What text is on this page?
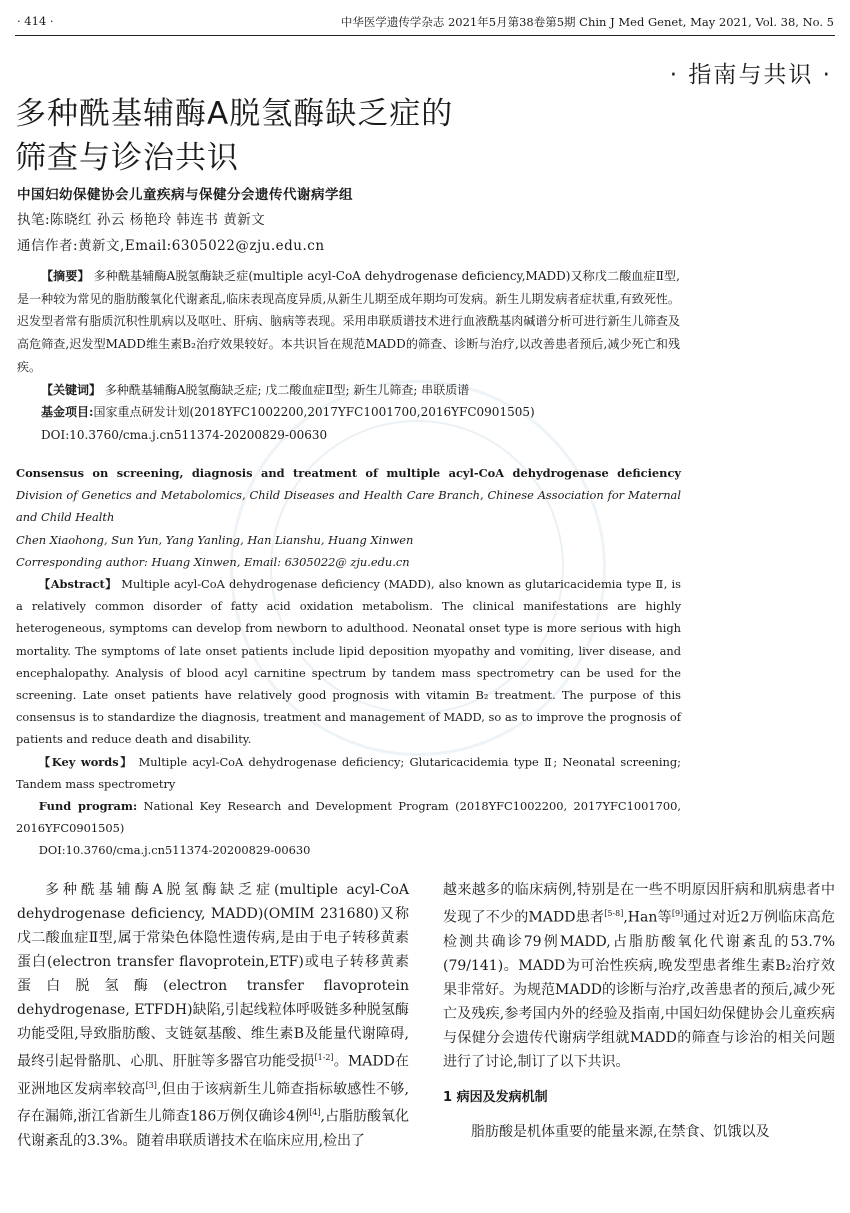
· 414 ·	中华医学遗传学杂志 2021年5月第38卷第5期 Chin J Med Genet, May 2021, Vol. 38, No. 5
· 指南与共识 ·
多种酰基辅酶A脱氢酶缺乏症的
筛查与诊治共识
中国妇幼保健协会儿童疾病与保健分会遗传代谢病学组
执笔:陈晓红 孙云 杨艳玲 韩连书 黄新文
通信作者:黄新文,Email:6305022@zju.edu.cn
【摘要】 多种酰基辅酶A脱氢酶缺乏症(multiple acyl-CoA dehydrogenase deficiency,MADD)又称戊二酸血症Ⅱ型,是一种较为常见的脂肪酸氧化代谢紊乱,临床表现高度异质,从新生儿期至成年期均可发病。新生儿期发病者症状重,有致死性。迟发型者常有脂质沉积性肌病以及呕吐、肝病、脑病等表现。采用串联质谱技术进行血液酰基肉碱谱分析可进行新生儿筛查及高危筛查,迟发型MADD维生素B₂治疗效果较好。本共识旨在规范MADD的筛查、诊断与治疗,以改善患者预后,减少死亡和残疾。
【关键词】 多种酰基辅酶A脱氢酶缺乏症; 戊二酸血症Ⅱ型; 新生儿筛查; 串联质谱
基金项目:国家重点研发计划(2018YFC1002200,2017YFC1001700,2016YFC0901505)
DOI:10.3760/cma.j.cn511374-20200829-00630
Consensus on screening, diagnosis and treatment of multiple acyl-CoA dehydrogenase deficiency Division of Genetics and Metabolomics, Child Diseases and Health Care Branch, Chinese Association for Maternal and Child Health
Chen Xiaohong, Sun Yun, Yang Yanling, Han Lianshu, Huang Xinwen
Corresponding author: Huang Xinwen, Email: 6305022@ zju.edu.cn
【Abstract】 Multiple acyl-CoA dehydrogenase deficiency (MADD), also known as glutaricacidemia type Ⅱ, is a relatively common disorder of fatty acid oxidation metabolism. The clinical manifestations are highly heterogeneous, symptoms can develop from newborn to adulthood. Neonatal onset type is more serious with high mortality. The symptoms of late onset patients include lipid deposition myopathy and vomiting, liver disease, and encephalopathy. Analysis of blood acyl carnitine spectrum by tandem mass spectrometry can be used for the screening. Late onset patients have relatively good prognosis with vitamin B₂ treatment. The purpose of this consensus is to standardize the diagnosis, treatment and management of MADD, so as to improve the prognosis of patients and reduce death and disability.
【Key words】 Multiple acyl-CoA dehydrogenase deficiency; Glutaricacidemia type Ⅱ; Neonatal screening; Tandem mass spectrometry
Fund program: National Key Research and Development Program (2018YFC1002200, 2017YFC1001700, 2016YFC0901505)
DOI:10.3760/cma.j.cn511374-20200829-00630
多种酰基辅酶A脱氢酶缺乏症(multiple acyl-CoA dehydrogenase deficiency, MADD)(OMIM 231680)又称戊二酸血症Ⅱ型,属于常染色体隐性遗传病,是由于电子转移黄素蛋白(electron transfer flavoprotein,ETF)或电子转移黄素蛋白脱氢酶(electron transfer flavoprotein dehydrogenase, ETFDH)缺陷,引起线粒体呼吸链多种脱氢酶功能受阻,导致脂肪酸、支链氨基酸、维生素B及能量代谢障碍,最终引起骨骼肌、心肌、肝脏等多器官功能受损[1-2]。MADD在亚洲地区发病率较高[3],但由于该病新生儿筛查指标敏感性不够,存在漏筛,浙江省新生儿筛查186万例仅确诊4例[4],占脂肪酸氧化代谢紊乱的3.3%。随着串联质谱技术在临床应用,检出了
越来越多的临床病例,特别是在一些不明原因肝病和肌病患者中发现了不少的MADD患者[5-8],Han等[9]通过对近2万例临床高危检测共确诊79例MADD,占脂肪酸氧化代谢紊乱的53.7%(79/141)。MADD为可治性疾病,晚发型患者维生素B₂治疗效果非常好。为规范MADD的诊断与治疗,改善患者的预后,减少死亡及残疾,参考国内外的经验及指南,中国妇幼保健协会儿童疾病与保健分会遗传代谢病学组就MADD的筛查与诊治的相关问题进行了讨论,制订了以下共识。
1 病因及发病机制
脂肪酸是机体重要的能量来源,在禁食、饥饿以及
